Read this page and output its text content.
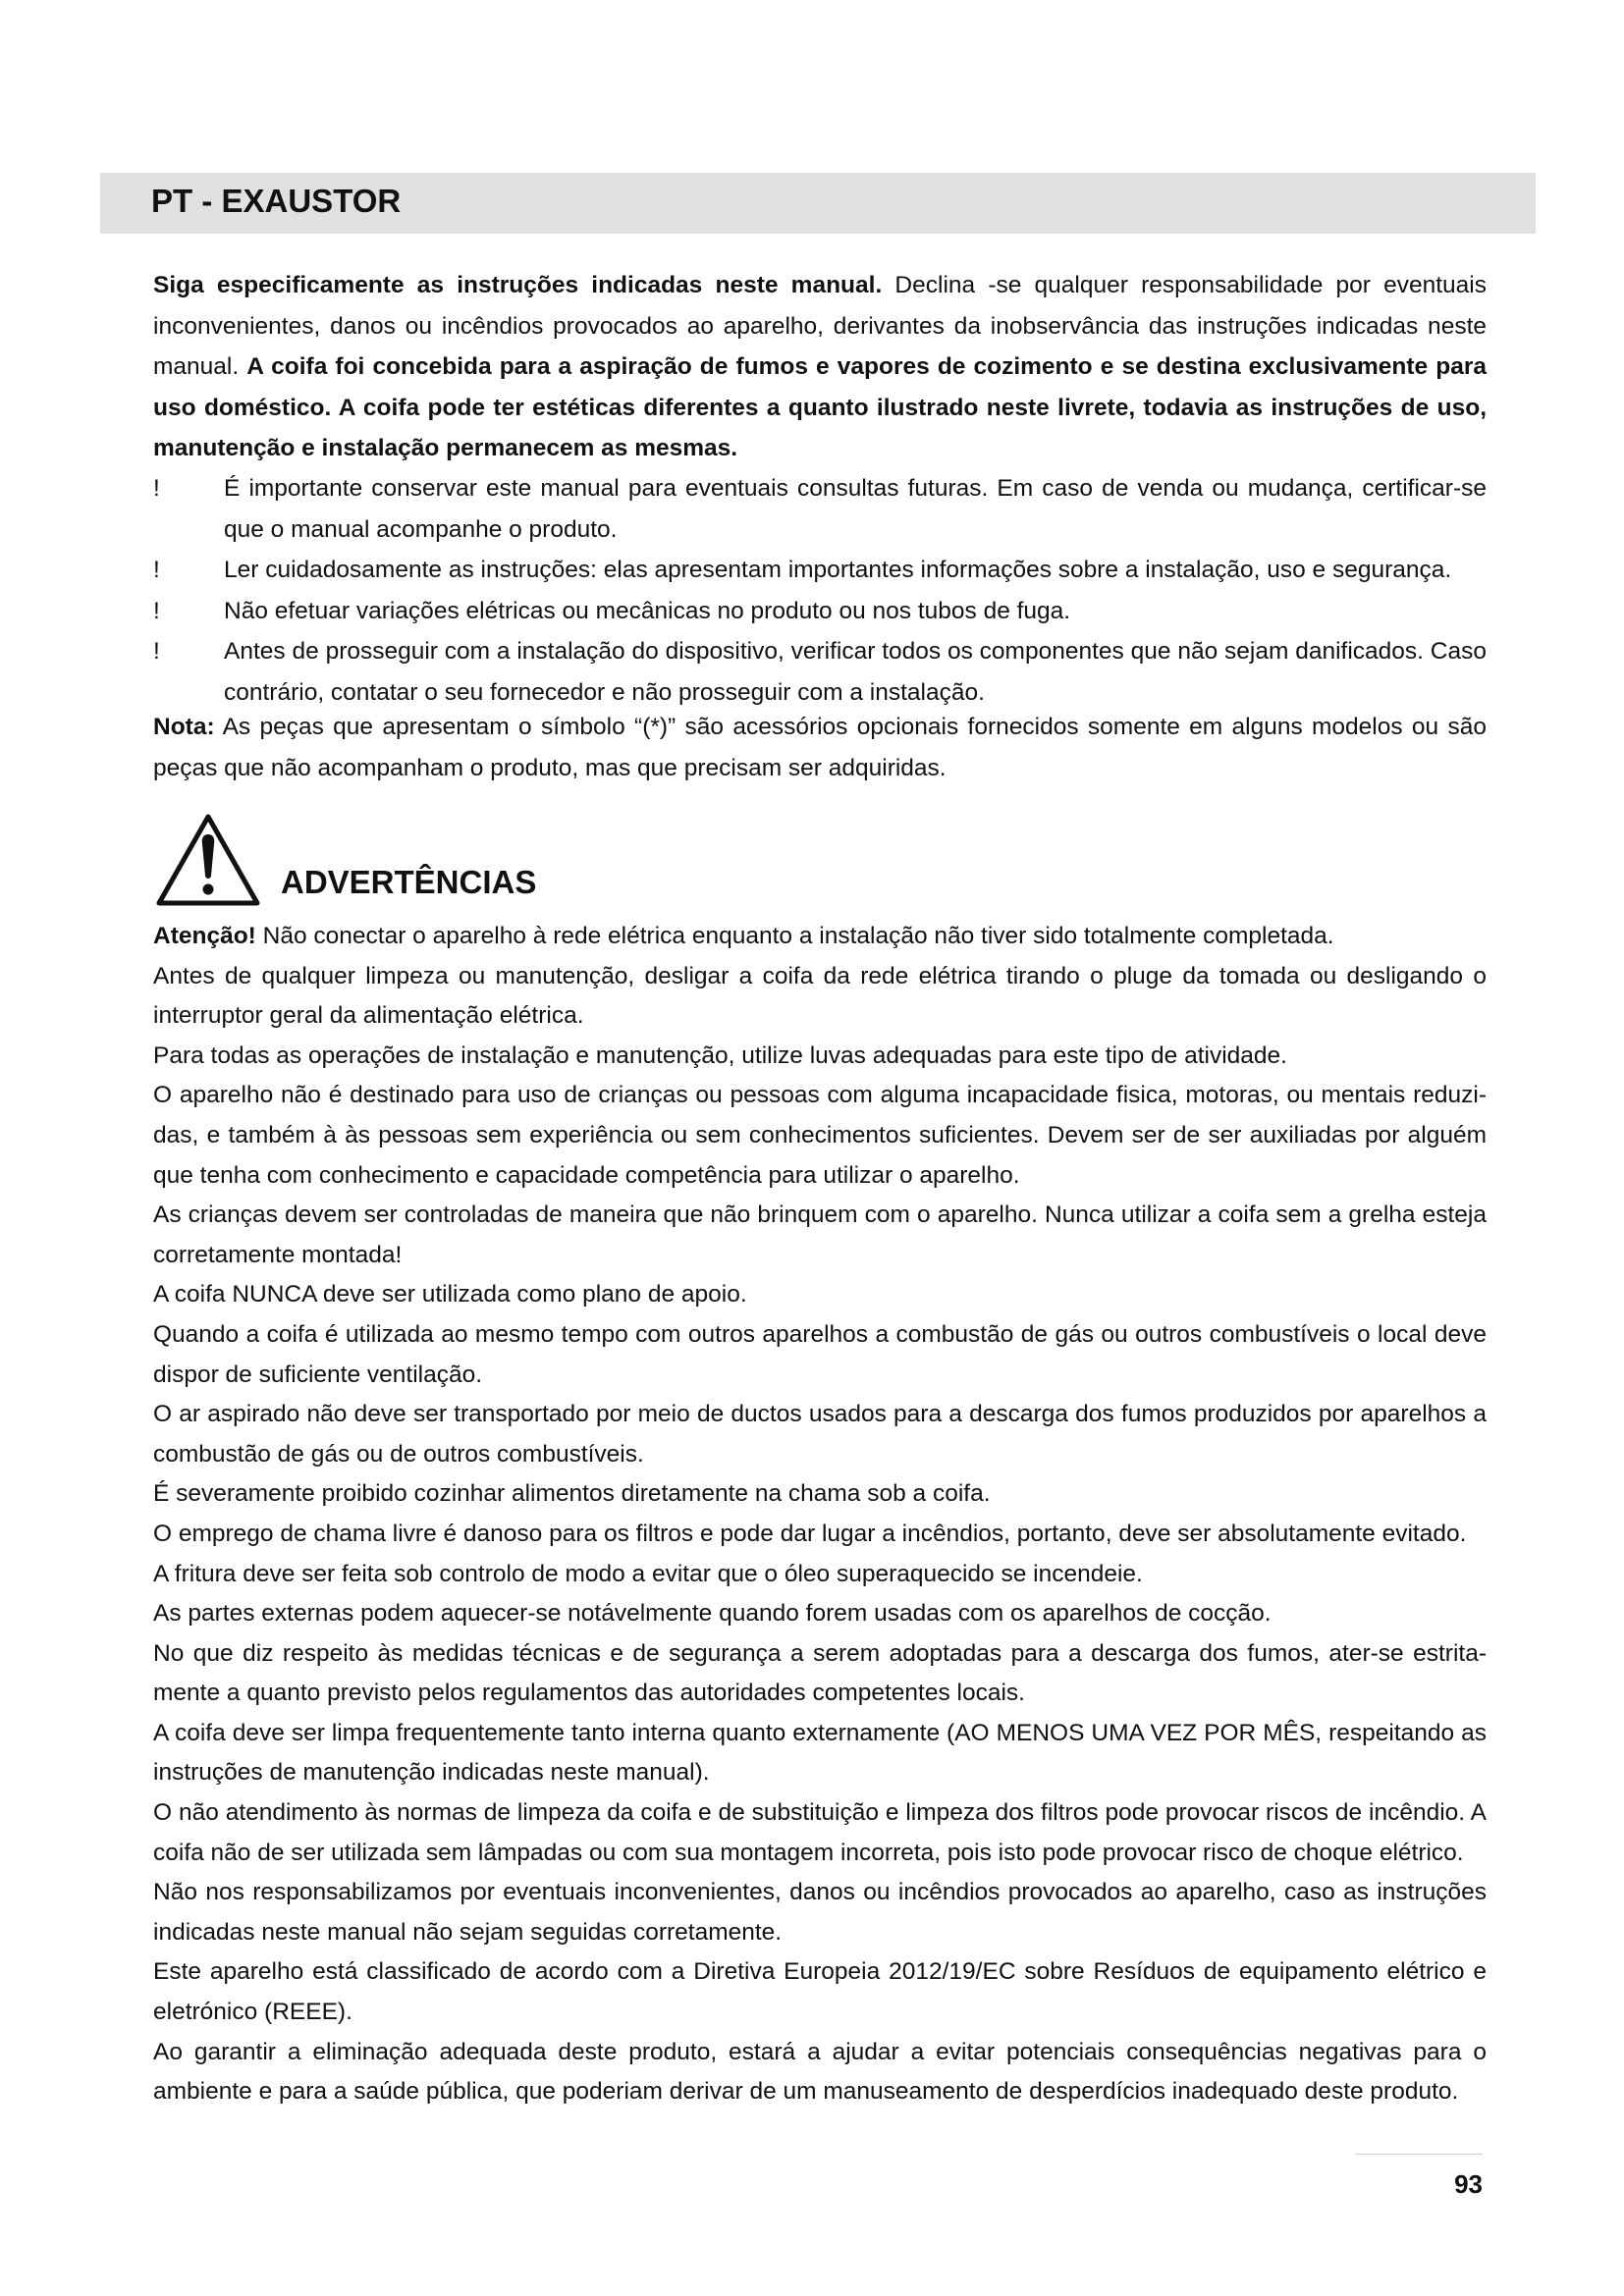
PT - EXAUSTOR

Siga especificamente as instruções indicadas neste manual. Declina -se qualquer responsabilidade por eventuais inconvenientes, danos ou incêndios provocados ao aparelho, derivantes da inobservância das instruções indicadas neste manual. A coifa foi concebida para a aspiração de fumos e vapores de cozimento e se destina exclusivamente para uso doméstico. A coifa pode ter estéticas diferentes a quanto ilustrado neste livrete, todavia as instruções de uso, manutenção e instalação permanecem as mesmas.

!	É importante conservar este manual para eventuais consultas futuras. Em caso de venda ou mudança, certificar-se que o manual acompanhe o produto.
!	Ler cuidadosamente as instruções: elas apresentam importantes informações sobre a instalação, uso e segurança.
!	Não efetuar variações elétricas ou mecânicas no produto ou nos tubos de fuga.
!	Antes de prosseguir com a instalação do dispositivo, verificar todos os componentes que não sejam danificados. Caso contrário, contatar o seu fornecedor e não prosseguir com a instalação.

Nota: As peças que apresentam o símbolo “(*)” são acessórios opcionais fornecidos somente em alguns modelos ou são peças que não acompanham o produto, mas que precisam ser adquiridas.

ADVERTÊNCIAS

Atenção! Não conectar o aparelho à rede elétrica enquanto a instalação não tiver sido totalmente completada.

Antes de qualquer limpeza ou manutenção, desligar a coifa da rede elétrica tirando o pluge da tomada ou desligando o interruptor geral da alimentação elétrica.

Para todas as operações de instalação e manutenção, utilize luvas adequadas para este tipo de atividade.

O aparelho não é destinado para uso de crianças ou pessoas com alguma incapacidade fisica, motoras, ou mentais reduzi-das, e também à às pessoas sem experiência ou sem conhecimentos suficientes. Devem ser de ser auxiliadas por alguém que tenha com conhecimento e capacidade competência para utilizar o aparelho.

As crianças devem ser controladas de maneira que não brinquem com o aparelho. Nunca utilizar a coifa sem a grelha esteja corretamente montada!

A coifa NUNCA deve ser utilizada como plano de apoio.

Quando a coifa é utilizada ao mesmo tempo com outros aparelhos a combustão de gás ou outros combustíveis o local deve dispor de suficiente ventilação.

O ar aspirado não deve ser transportado por meio de ductos usados para a descarga dos fumos produzidos por aparelhos a combustão de gás ou de outros combustíveis.

É severamente proibido cozinhar alimentos diretamente na chama sob a coifa.

O emprego de chama livre é danoso para os filtros e pode dar lugar a incêndios, portanto, deve ser absolutamente evitado.

A fritura deve ser feita sob controlo de modo a evitar que o óleo superaquecido se incendeie.

As partes externas podem aquecer-se notávelmente quando forem usadas com os aparelhos de cocção.

No que diz respeito às medidas técnicas e de segurança a serem adoptadas para a descarga dos fumos, ater-se estrita-mente a quanto previsto pelos regulamentos das autoridades competentes locais.

A coifa deve ser limpa frequentemente tanto interna quanto externamente (AO MENOS UMA VEZ POR MÊS, respeitando as instruções de manutenção indicadas neste manual).

O não atendimento às normas de limpeza da coifa e de substituição e limpeza dos filtros pode provocar riscos de incêndio. A coifa não de ser utilizada sem lâmpadas ou com sua montagem incorreta, pois isto pode provocar risco de choque elétrico.

Não nos responsabilizamos por eventuais inconvenientes, danos ou incêndios provocados ao aparelho, caso as instruções indicadas neste manual não sejam seguidas corretamente.

Este aparelho está classificado de acordo com a Diretiva Europeia 2012/19/EC sobre Resíduos de equipamento elétrico e eletrónico (REEE).

Ao garantir a eliminação adequada deste produto, estará a ajudar a evitar potenciais consequências negativas para o ambiente e para a saúde pública, que poderiam derivar de um manuseamento de desperdícios inadequado deste produto.

93
